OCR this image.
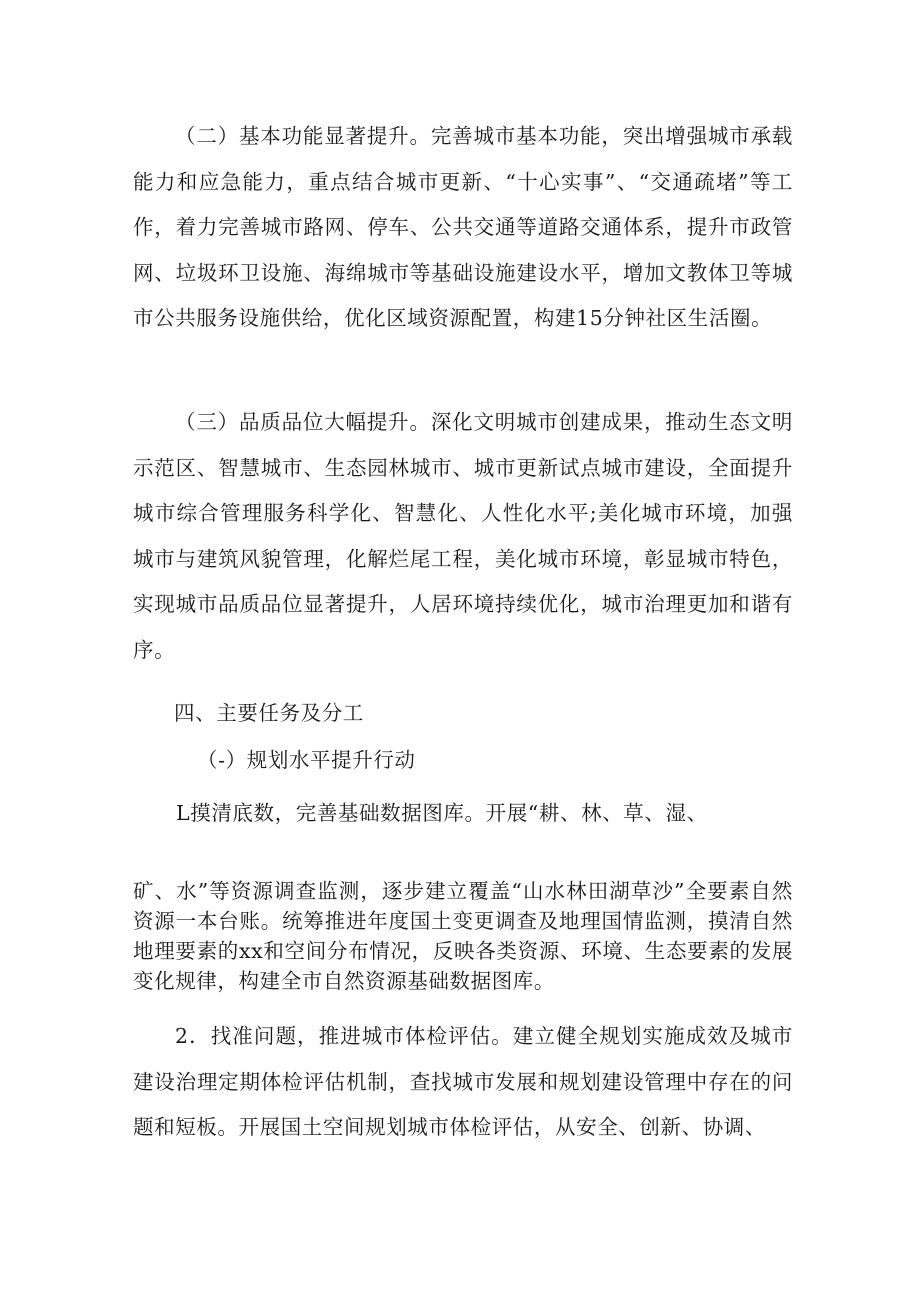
（二）基本功能显著提升。完善城市基本功能，突出增强城市承载能力和应急能力，重点结合城市更新、“十心实事”、“交通疏堵”等工作，着力完善城市路网、停车、公共交通等道路交通体系，提升市政管网、垃圾环卫设施、海绵城市等基础设施建设水平，增加文教体卫等城市公共服务设施供给，优化区域资源配置，构建15分钟社区生活圈。

（三）品质品位大幅提升。深化文明城市创建成果，推动生态文明示范区、智慧城市、生态园林城市、城市更新试点城市建设，全面提升城市综合管理服务科学化、智慧化、人性化水平;美化城市环境，加强城市与建筑风貌管理，化解烂尾工程，美化城市环境，彰显城市特色，实现城市品质品位显著提升，人居环境持续优化，城市治理更加和谐有序。

四、主要任务及分工

（-）规划水平提升行动

L摸清底数，完善基础数据图库。开展“耕、林、草、湿、

矿、水”等资源调查监测，逐步建立覆盖“山水林田湖草沙”全要素自然资源一本台账。统筹推进年度国土变更调查及地理国情监测，摸清自然地理要素的xx和空间分布情况，反映各类资源、环境、生态要素的发展变化规律，构建全市自然资源基础数据图库。

2．找准问题，推进城市体检评估。建立健全规划实施成效及城市建设治理定期体检评估机制，查找城市发展和规划建设管理中存在的问题和短板。开展国土空间规划城市体检评估，从安全、创新、协调、
